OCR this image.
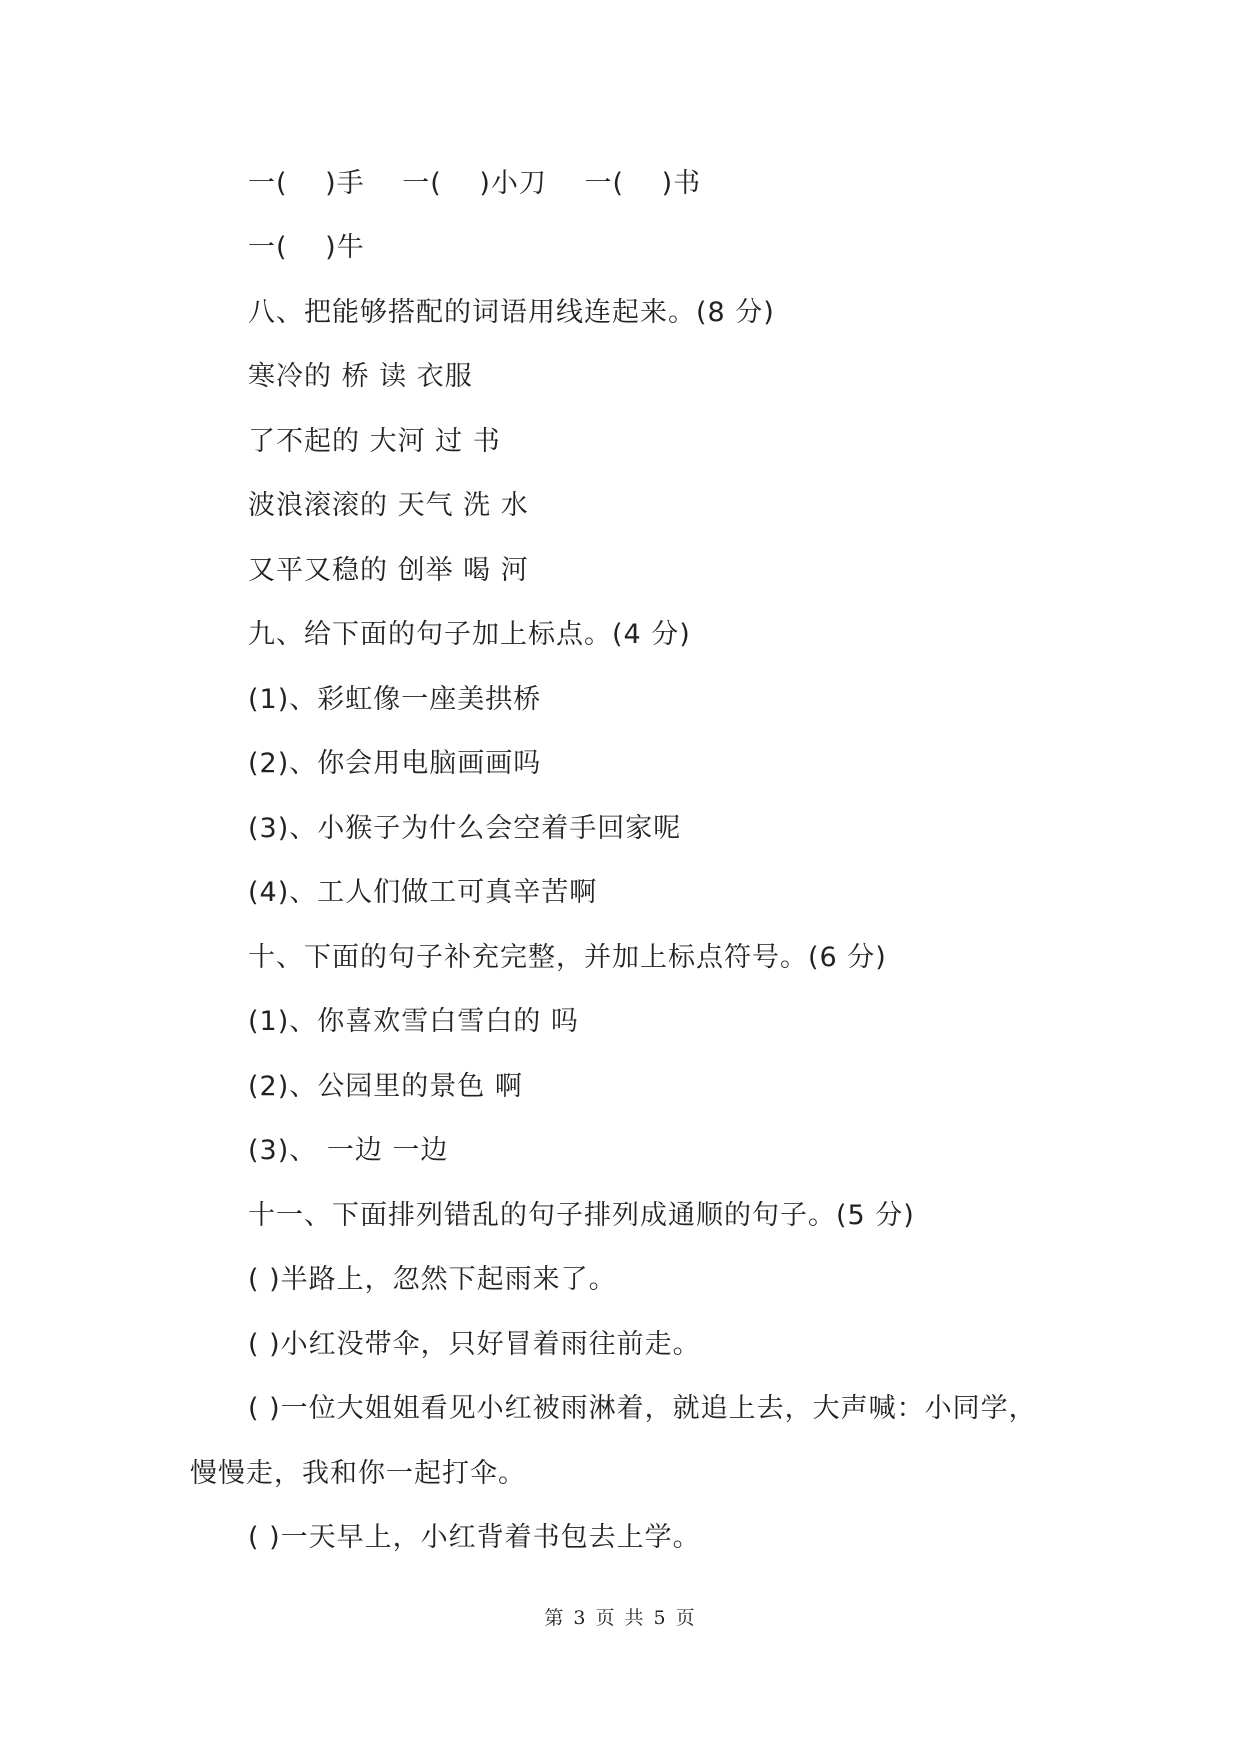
一(　 )手　 一(　 )小刀　 一(　 )书
一(　 )牛
八、把能够搭配的词语用线连起来。(8 分)
寒冷的 桥 读 衣服
了不起的 大河 过 书
波浪滚滚的 天气 洗 水
又平又稳的 创举 喝 河
九、给下面的句子加上标点。(4 分)
(1)、彩虹像一座美拱桥
(2)、你会用电脑画画吗
(3)、小猴子为什么会空着手回家呢
(4)、工人们做工可真辛苦啊
十、下面的句子补充完整，并加上标点符号。(6 分)
(1)、你喜欢雪白雪白的 吗
(2)、公园里的景色 啊
(3)、 一边 一边
十一、下面排列错乱的句子排列成通顺的句子。(5 分)
( )半路上，忽然下起雨来了。
( )小红没带伞，只好冒着雨往前走。
( )一位大姐姐看见小红被雨淋着，就追上去，大声喊：小同学，
慢慢走，我和你一起打伞。
( )一天早上，小红背着书包去上学。
第 3 页 共 5 页
